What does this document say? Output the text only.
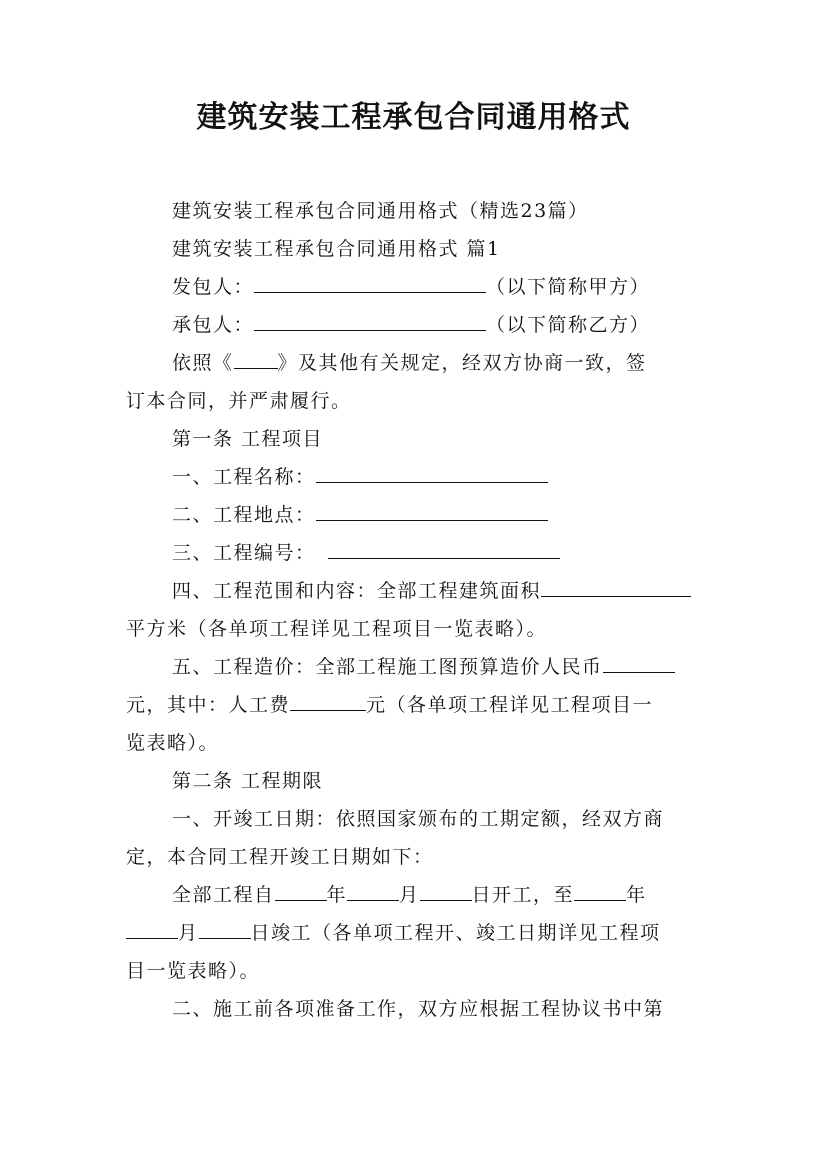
建筑安装工程承包合同通用格式
建筑安装工程承包合同通用格式（精选23篇）
建筑安装工程承包合同通用格式 篇1
发包人：	（以下简称甲方）
承包人：	（以下简称乙方）
依照《 》及其他有关规定，经双方协商一致，签
订本合同，并严肃履行。
第一条 工程项目
一、工程名称：
二、工程地点：
三、工程编号：
四、工程范围和内容：全部工程建筑面积
平方米（各单项工程详见工程项目一览表略）。
五、工程造价：全部工程施工图预算造价人民币
元，其中：人工费	元（各单项工程详见工程项目一
览表略）。
第二条 工程期限
一、开竣工日期：依照国家颁布的工期定额，经双方商
定，本合同工程开竣工日期如下：
全部工程自	年	月	日开工，至	年
月	日竣工（各单项工程开、竣工日期详见工程项
目一览表略）。
二、施工前各项准备工作，双方应根据工程协议书中第
